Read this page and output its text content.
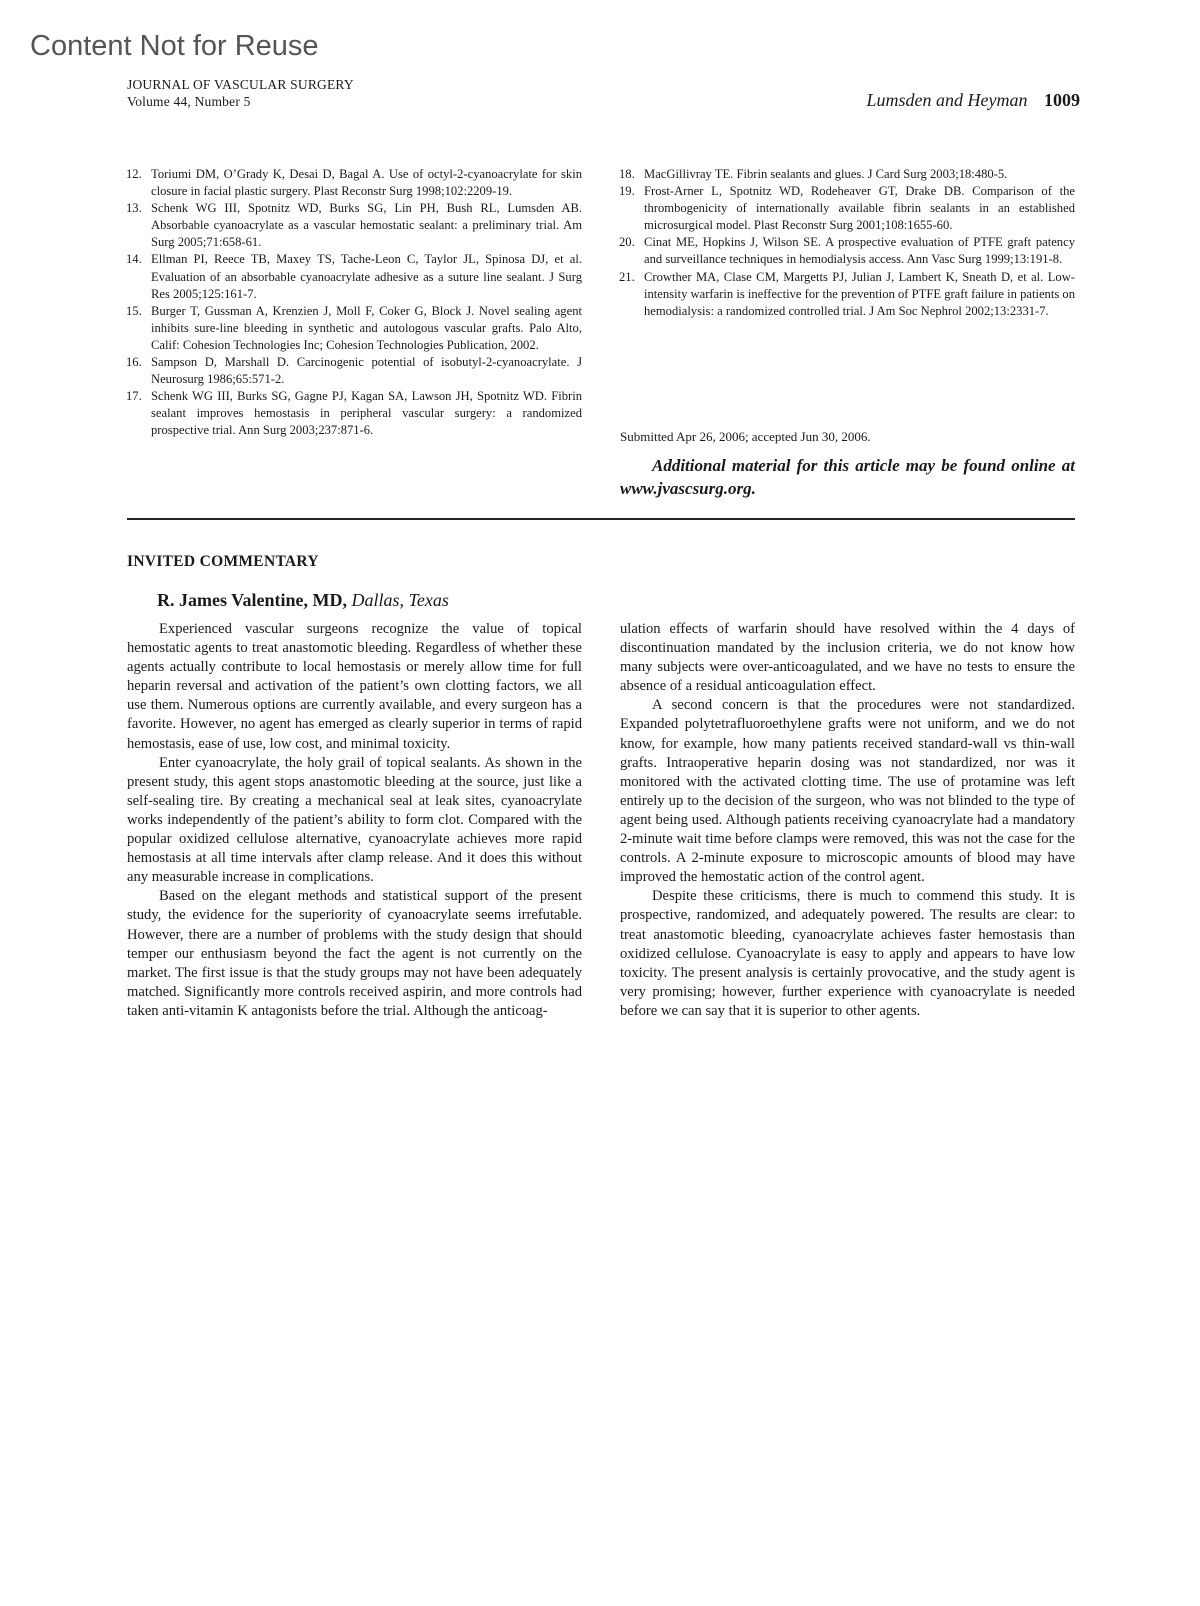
Content Not for Reuse
JOURNAL OF VASCULAR SURGERY
Volume 44, Number 5	Lumsden and Heyman 1009

12. Toriumi DM, O’Grady K, Desai D, Bagal A. Use of octyl-2-cyanoacrylate for skin closure in facial plastic surgery. Plast Reconstr Surg 1998;102:2209-19.

13. Schenk WG III, Spotnitz WD, Burks SG, Lin PH, Bush RL, Lumsden AB. Absorbable cyanoacrylate as a vascular hemostatic sealant: a preliminary trial. Am Surg 2005;71:658-61.

14. Ellman PI, Reece TB, Maxey TS, Tache-Leon C, Taylor JL, Spinosa DJ, et al. Evaluation of an absorbable cyanoacrylate adhesive as a suture line sealant. J Surg Res 2005;125:161-7.

15. Burger T, Gussman A, Krenzien J, Moll F, Coker G, Block J. Novel sealing agent inhibits sure-line bleeding in synthetic and autologous vascular grafts. Palo Alto, Calif: Cohesion Technologies Inc; Cohesion Technologies Publication, 2002.

16. Sampson D, Marshall D. Carcinogenic potential of isobutyl-2-cyanoacrylate. J Neurosurg 1986;65:571-2.

17. Schenk WG III, Burks SG, Gagne PJ, Kagan SA, Lawson JH, Spotnitz WD. Fibrin sealant improves hemostasis in peripheral vascular surgery: a randomized prospective trial. Ann Surg 2003;237:871-6.

18. MacGillivray TE. Fibrin sealants and glues. J Card Surg 2003;18:480-5.

19. Frost-Arner L, Spotnitz WD, Rodeheaver GT, Drake DB. Comparison of the thrombogenicity of internationally available fibrin sealants in an established microsurgical model. Plast Reconstr Surg 2001;108:1655-60.

20. Cinat ME, Hopkins J, Wilson SE. A prospective evaluation of PTFE graft patency and surveillance techniques in hemodialysis access. Ann Vasc Surg 1999;13:191-8.

21. Crowther MA, Clase CM, Margetts PJ, Julian J, Lambert K, Sneath D, et al. Low-intensity warfarin is ineffective for the prevention of PTFE graft failure in patients on hemodialysis: a randomized controlled trial. J Am Soc Nephrol 2002;13:2331-7.

Submitted Apr 26, 2006; accepted Jun 30, 2006.
Additional material for this article may be found online at www.jvascsurg.org.
INVITED COMMENTARY
R. James Valentine, MD, Dallas, Texas

Experienced vascular surgeons recognize the value of topical hemostatic agents to treat anastomotic bleeding. Regardless of whether these agents actually contribute to local hemostasis or merely allow time for full heparin reversal and activation of the patient’s own clotting factors, we all use them. Numerous options are currently available, and every surgeon has a favorite. However, no agent has emerged as clearly superior in terms of rapid hemostasis, ease of use, low cost, and minimal toxicity.

Enter cyanoacrylate, the holy grail of topical sealants. As shown in the present study, this agent stops anastomotic bleeding at the source, just like a self-sealing tire. By creating a mechanical seal at leak sites, cyanoacrylate works independently of the patient’s ability to form clot. Compared with the popular oxidized cellulose alternative, cyanoacrylate achieves more rapid hemostasis at all time intervals after clamp release. And it does this without any measurable increase in complications.

Based on the elegant methods and statistical support of the present study, the evidence for the superiority of cyanoacrylate seems irrefutable. However, there are a number of problems with the study design that should temper our enthusiasm beyond the fact the agent is not currently on the market. The first issue is that the study groups may not have been adequately matched. Significantly more controls received aspirin, and more controls had taken anti-vitamin K antagonists before the trial. Although the anticoag-

ulation effects of warfarin should have resolved within the 4 days of discontinuation mandated by the inclusion criteria, we do not know how many subjects were over-anticoagulated, and we have no tests to ensure the absence of a residual anticoagulation effect.

A second concern is that the procedures were not standardized. Expanded polytetrafluoroethylene grafts were not uniform, and we do not know, for example, how many patients received standard-wall vs thin-wall grafts. Intraoperative heparin dosing was not standardized, nor was it monitored with the activated clotting time. The use of protamine was left entirely up to the decision of the surgeon, who was not blinded to the type of agent being used. Although patients receiving cyanoacrylate had a mandatory 2-minute wait time before clamps were removed, this was not the case for the controls. A 2-minute exposure to microscopic amounts of blood may have improved the hemostatic action of the control agent.

Despite these criticisms, there is much to commend this study. It is prospective, randomized, and adequately powered. The results are clear: to treat anastomotic bleeding, cyanoacrylate achieves faster hemostasis than oxidized cellulose. Cyanoacrylate is easy to apply and appears to have low toxicity. The present analysis is certainly provocative, and the study agent is very promising; however, further experience with cyanoacrylate is needed before we can say that it is superior to other agents.
